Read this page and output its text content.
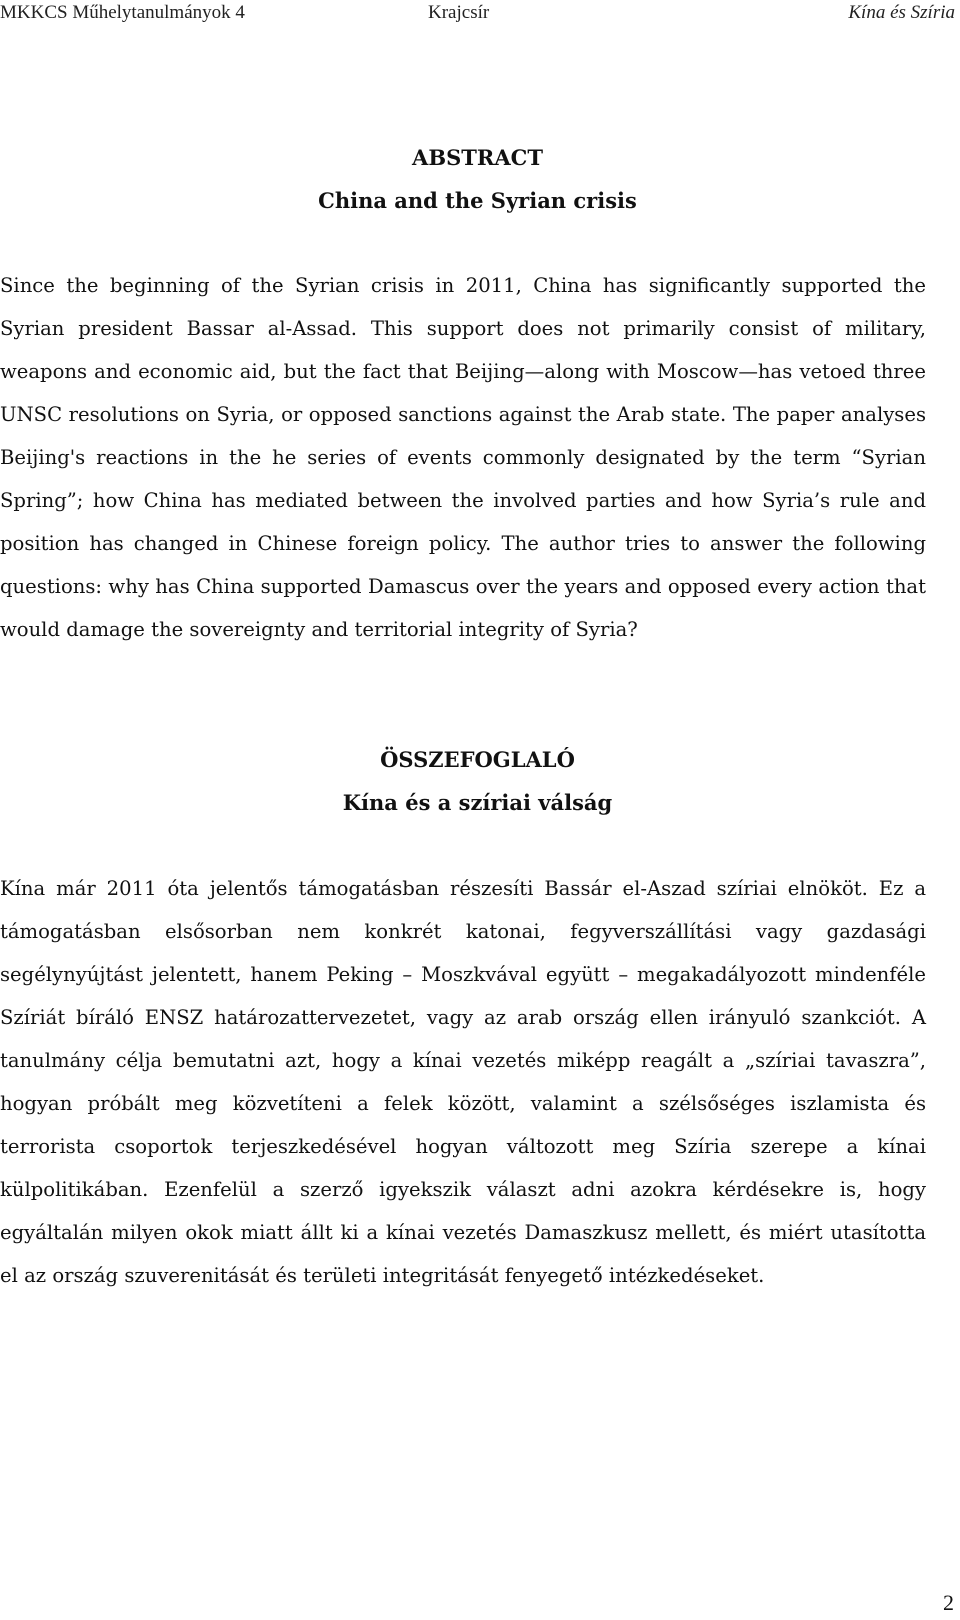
MKKCS Műhelytanulmányok 4	Krajcsír	Kína és Szíria

ABSTRACT

China and the Syrian crisis

Since the beginning of the Syrian crisis in 2011, China has significantly supported the Syrian president Bassar al-Assad. This support does not primarily consist of military, weapons and economic aid, but the fact that Beijing—along with Moscow—has vetoed three UNSC resolutions on Syria, or opposed sanctions against the Arab state. The paper analyses Beijing's reactions in the he series of events commonly designated by the term “Syrian Spring”; how China has mediated between the involved parties and how Syria’s rule and position has changed in Chinese foreign policy. The author tries to answer the following questions: why has China supported Damascus over the years and opposed every action that would damage the sovereignty and territorial integrity of Syria?

ÖSSZEFOGLALÓ

Kína és a szíriai válság

Kína már 2011 óta jelentős támogatásban részesíti Bassár el-Aszad szíriai elnököt. Ez a támogatásban elsősorban nem konkrét katonai, fegyverszállítási vagy gazdasági segélynyújtást jelentett, hanem Peking – Moszkvával együtt – megakadályozott mindenféle Szíriát bíráló ENSZ határozattervezetet, vagy az arab ország ellen irányuló szankciót. A tanulmány célja bemutatni azt, hogy a kínai vezetés miképp reagált a „szíriai tavaszra”, hogyan próbált meg közvetíteni a felek között, valamint a szélsőséges iszlamista és terrorista csoportok terjeszkedésével hogyan változott meg Szíria szerepe a kínai külpolitikában. Ezenfelül a szerző igyekszik választ adni azokra kérdésekre is, hogy egyáltalán milyen okok miatt állt ki a kínai vezetés Damaszkusz mellett, és miért utasította el az ország szuverenitását és területi integritását fenyegető intézkedéseket.

2
